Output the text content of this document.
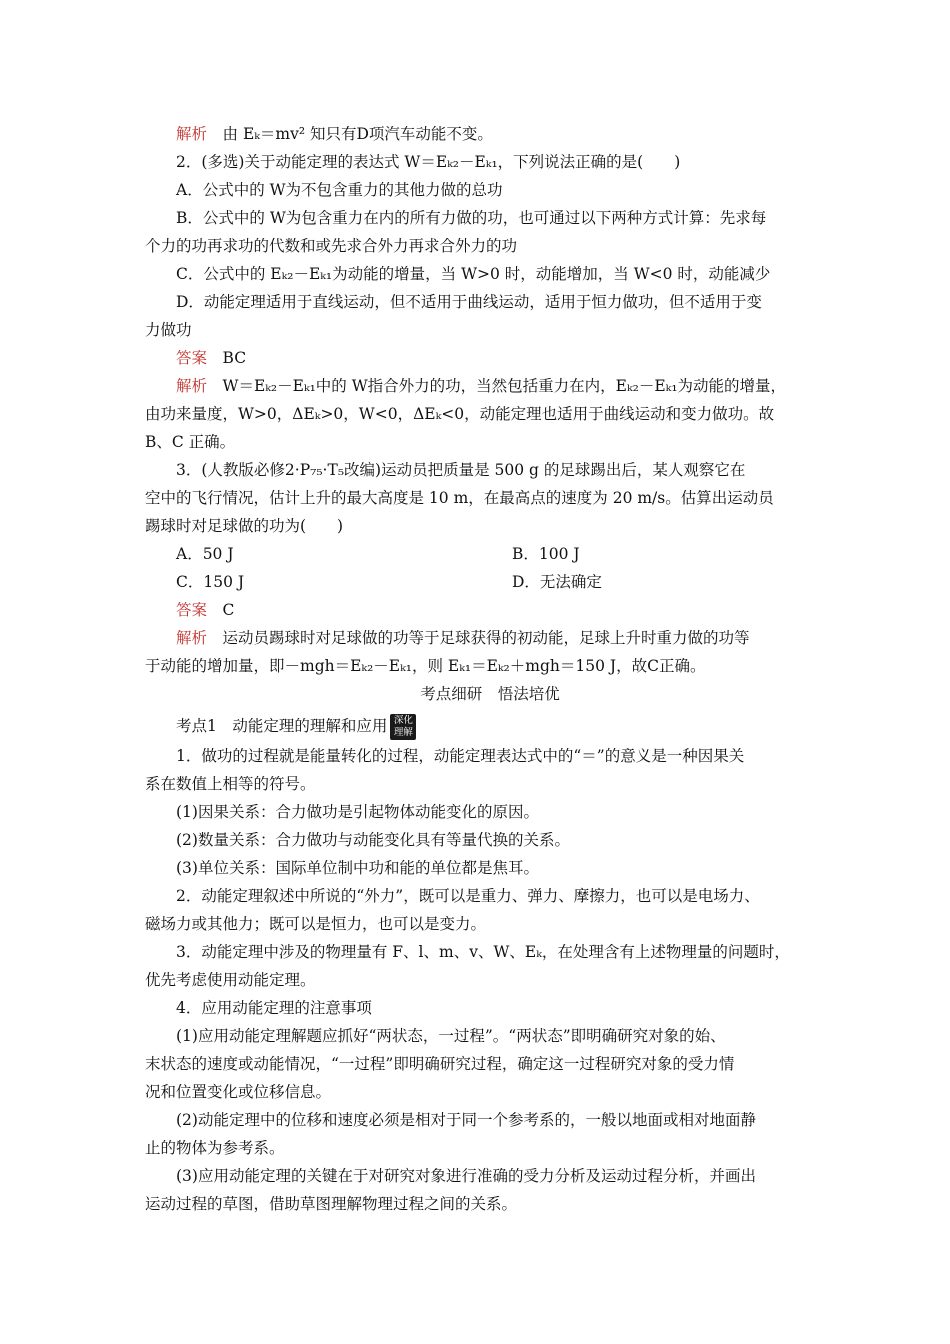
解析　由 Eₖ＝mv² 知只有D项汽车动能不变。
2．(多选)关于动能定理的表达式 W＝Eₖ₂－Eₖ₁，下列说法正确的是(　　)
A．公式中的 W为不包含重力的其他力做的总功
B．公式中的 W为包含重力在内的所有力做的功，也可通过以下两种方式计算：先求每
个力的功再求功的代数和或先求合外力再求合外力的功
C．公式中的 Eₖ₂－Eₖ₁为动能的增量，当 W>0 时，动能增加，当 W<0 时，动能减少
D．动能定理适用于直线运动，但不适用于曲线运动，适用于恒力做功，但不适用于变
力做功
答案　BC
解析　W＝Eₖ₂－Eₖ₁中的 W指合外力的功，当然包括重力在内，Eₖ₂－Eₖ₁为动能的增量，
由功来量度，W>0，ΔEₖ>0，W<0，ΔEₖ<0，动能定理也适用于曲线运动和变力做功。故
B、C 正确。
3．(人教版必修2·P₇₅·T₅改编)运动员把质量是 500 g 的足球踢出后，某人观察它在
空中的飞行情况，估计上升的最大高度是 10 m，在最高点的速度为 20 m/s。估算出运动员
踢球时对足球做的功为(　　)
A．50 J	B．100 J
C．150 J	D．无法确定
答案　C
解析　运动员踢球时对足球做的功等于足球获得的初动能，足球上升时重力做的功等
于动能的增加量，即－mgh＝Eₖ₂－Eₖ₁，则 Eₖ₁＝Eₖ₂＋mgh＝150 J，故C正确。
考点细研　悟法培优
考点1　动能定理的理解和应用 深化
理解
1．做功的过程就是能量转化的过程，动能定理表达式中的“＝”的意义是一种因果关
系在数值上相等的符号。
(1)因果关系：合力做功是引起物体动能变化的原因。
(2)数量关系：合力做功与动能变化具有等量代换的关系。
(3)单位关系：国际单位制中功和能的单位都是焦耳。
2．动能定理叙述中所说的“外力”，既可以是重力、弹力、摩擦力，也可以是电场力、
磁场力或其他力；既可以是恒力，也可以是变力。
3．动能定理中涉及的物理量有 F、l、m、v、W、Eₖ，在处理含有上述物理量的问题时，
优先考虑使用动能定理。
4．应用动能定理的注意事项
(1)应用动能定理解题应抓好“两状态，一过程”。“两状态”即明确研究对象的始、
末状态的速度或动能情况，“一过程”即明确研究过程，确定这一过程研究对象的受力情
况和位置变化或位移信息。
(2)动能定理中的位移和速度必须是相对于同一个参考系的，一般以地面或相对地面静
止的物体为参考系。
(3)应用动能定理的关键在于对研究对象进行准确的受力分析及运动过程分析，并画出
运动过程的草图，借助草图理解物理过程之间的关系。
